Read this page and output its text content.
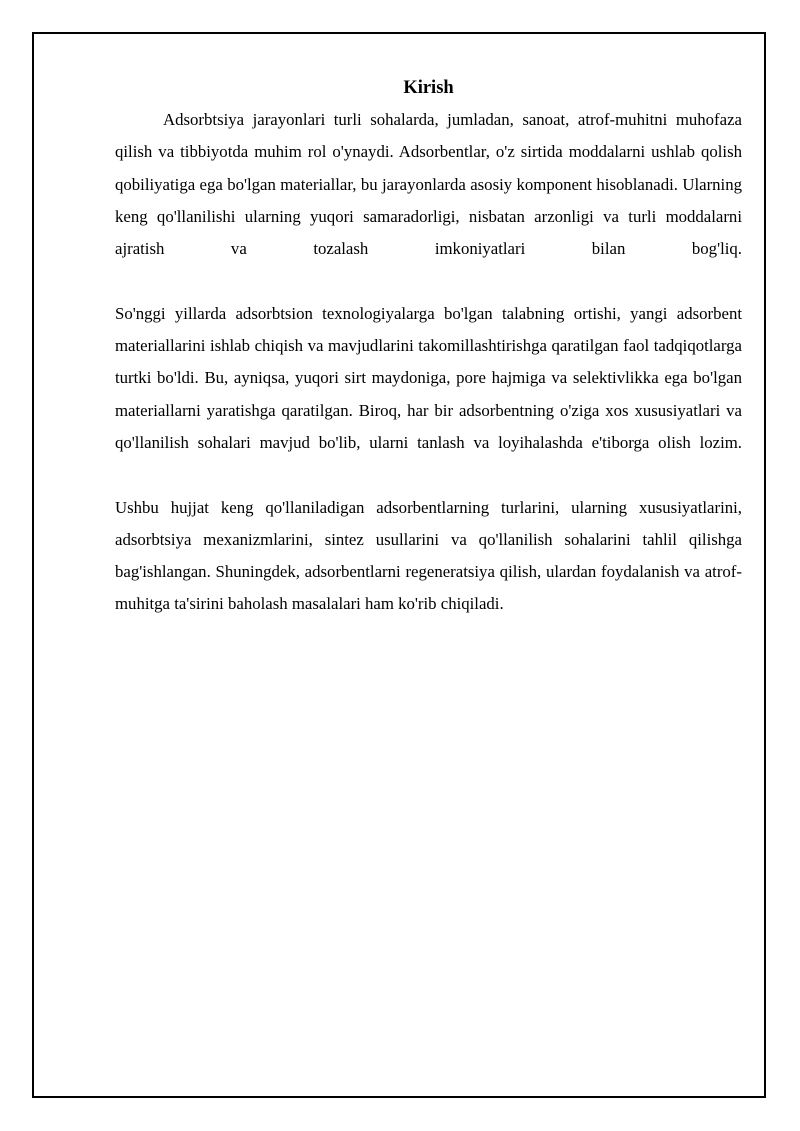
Kirish

Adsorbtsiya jarayonlari turli sohalarda, jumladan, sanoat, atrof-muhitni muhofaza qilish va tibbiyotda muhim rol o'ynaydi. Adsorbentlar, o'z sirtida moddalarni ushlab qolish qobiliyatiga ega bo'lgan materiallar, bu jarayonlarda asosiy komponent hisoblanadi. Ularning keng qo'llanilishi ularning yuqori samaradorligi, nisbatan arzonligi va turli moddalarni ajratish va tozalash imkoniyatlari bilan bog'liq.

So'nggi yillarda adsorbtsion texnologiyalarga bo'lgan talabning ortishi, yangi adsorbent materiallarini ishlab chiqish va mavjudlarini takomillashtirishga qaratilgan faol tadqiqotlarga turtki bo'ldi. Bu, ayniqsa, yuqori sirt maydoniga, pore hajmiga va selektivlikka ega bo'lgan materiallarni yaratishga qaratilgan. Biroq, har bir adsorbentning o'ziga xos xususiyatlari va qo'llanilish sohalari mavjud bo'lib, ularni tanlash va loyihalashda e'tiborga olish lozim.

Ushbu hujjat keng qo'llaniladigan adsorbentlarning turlarini, ularning xususiyatlarini, adsorbtsiya mexanizmlarini, sintez usullarini va qo'llanilish sohalarini tahlil qilishga bag'ishlangan. Shuningdek, adsorbentlarni regeneratsiya qilish, ulardan foydalanish va atrof-muhitga ta'sirini baholash masalalari ham ko'rib chiqiladi.
